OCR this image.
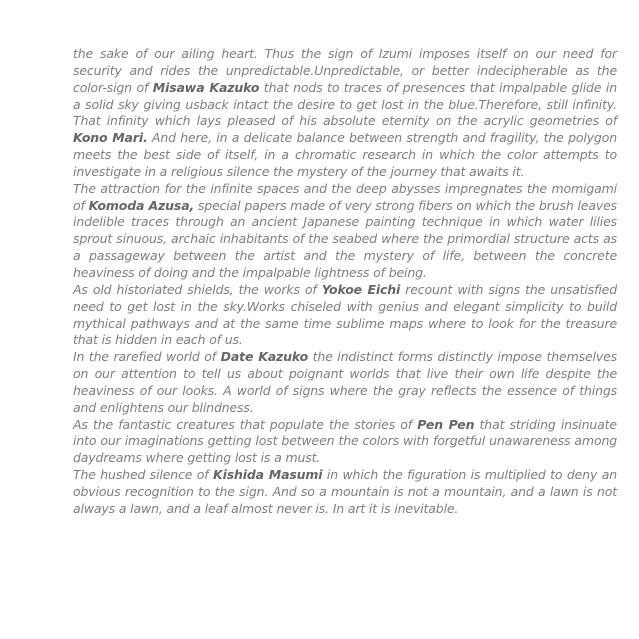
the sake of our ailing heart. Thus the sign of Izumi imposes itself on our need for security and rides the unpredictable.Unpredictable, or better indecipherable as the color-sign of Misawa Kazuko that nods to traces of presences that impalpable glide in a solid sky giving usback intact the desire to get lost in the blue.Therefore, still infinity. That infinity which lays pleased of his absolute eternity on the acrylic geometries of Kono Mari. And here, in a delicate balance between strength and fragility, the polygon meets the best side of itself, in a chromatic research in which the color attempts to investigate in a religious silence the mystery of the journey that awaits it.

The attraction for the infinite spaces and the deep abysses impregnates the momigami of Komoda Azusa, special papers made of very strong fibers on which the brush leaves indelible traces through an ancient Japanese painting technique in which water lilies sprout sinuous, archaic inhabitants of the seabed where the primordial structure acts as a passageway between the artist and the mystery of life, between the concrete heaviness of doing and the impalpable lightness of being.

As old historiated shields, the works of Yokoe Eichi recount with signs the unsatisfied need to get lost in the sky.Works chiseled with genius and elegant simplicity to build mythical pathways and at the same time sublime maps where to look for the treasure that is hidden in each of us.

In the rarefied world of Date Kazuko the indistinct forms distinctly impose themselves on our attention to tell us about poignant worlds that live their own life despite the heaviness of our looks. A world of signs where the gray reflects the essence of things and enlightens our blindness.

As the fantastic creatures that populate the stories of Pen Pen that striding insinuate into our imaginations getting lost between the colors with forgetful unawareness among daydreams where getting lost is a must.

The hushed silence of Kishida Masumi in which the figuration is multiplied to deny an obvious recognition to the sign. And so a mountain is not a mountain, and a lawn is not always a lawn, and a leaf almost never is. In art it is inevitable.
